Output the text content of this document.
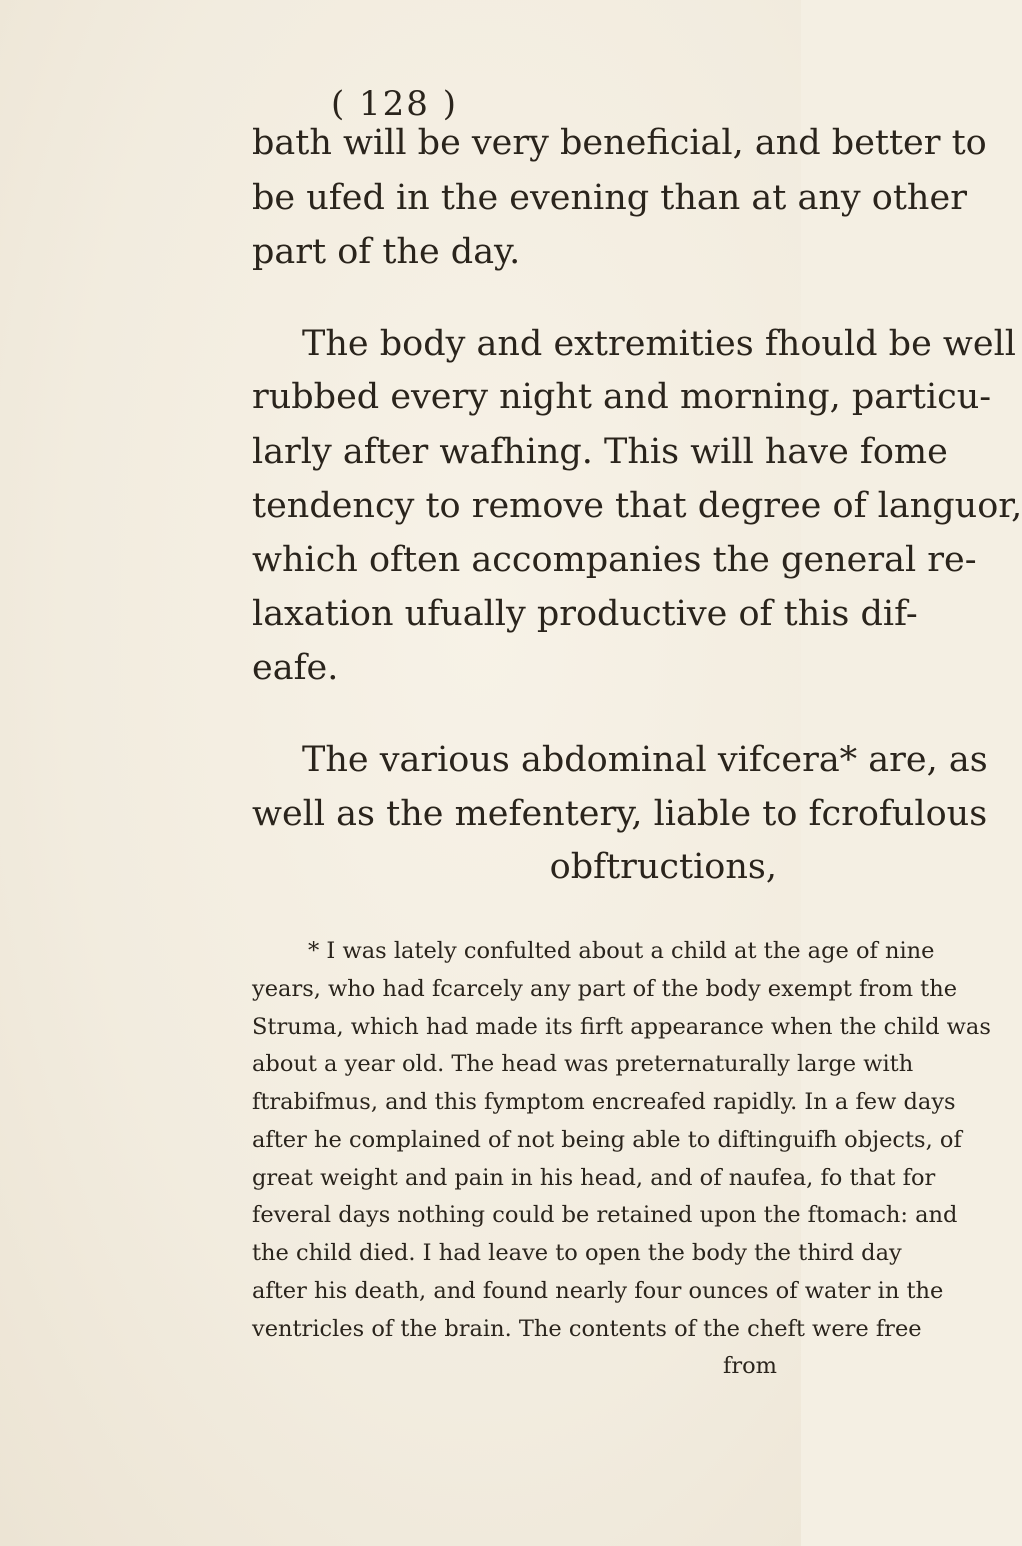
( 128 )
bath will be very beneficial, and better to
be ufed in the evening than at any other
part of the day.
The body and extremities fhould be well
rubbed every night and morning, particu-
larly after wafhing. This will have fome
tendency to remove that degree of languor,
which often accompanies the general re-
laxation ufually productive of this dif-
eafe.
The various abdominal vifcera* are, as
well as the mefentery, liable to fcrofulous
obftructions,
* I was lately confulted about a child at the age of nine
years, who had fcarcely any part of the body exempt from the
Struma, which had made its firft appearance when the child was
about a year old. The head was preternaturally large with
ftrabifmus, and this fymptom encreafed rapidly. In a few days
after he complained of not being able to diftinguifh objects, of
great weight and pain in his head, and of naufea, fo that for
feveral days nothing could be retained upon the ftomach: and
the child died. I had leave to open the body the third day
after his death, and found nearly four ounces of water in the
ventricles of the brain. The contents of the cheft were free
from
